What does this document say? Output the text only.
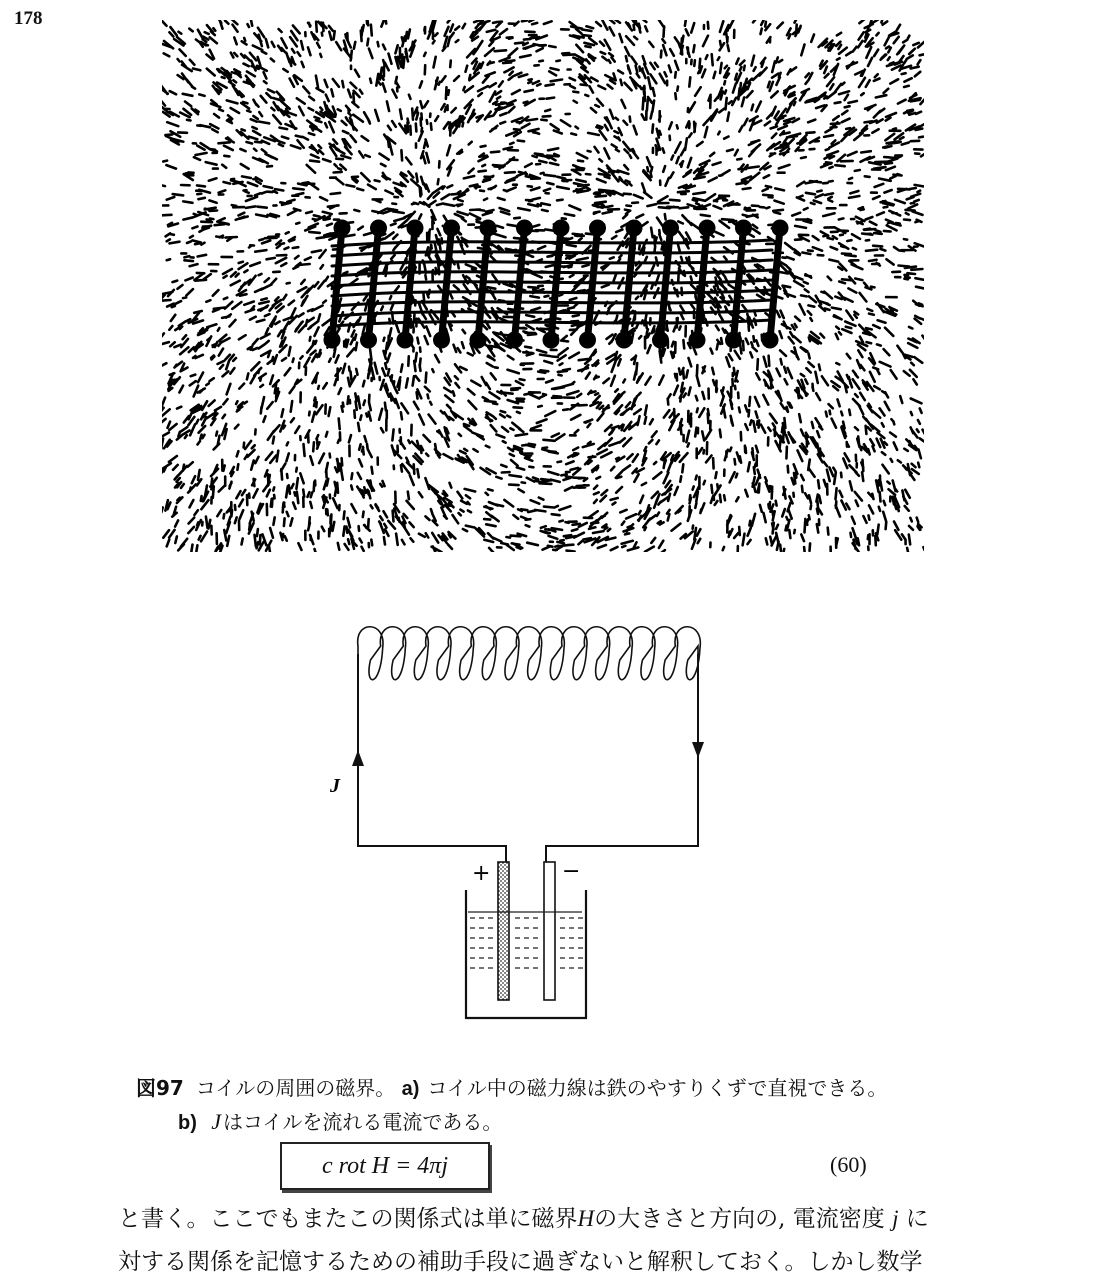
178
J
+	−
図97 コイルの周囲の磁界。 a) コイル中の磁力線は鉄のやすりくずで直視できる。
b) J はコイルを流れる電流である。
c rot H = 4πj	(60)
と書く。ここでもまたこの関係式は単に磁界Hの大きさと方向の, 電流密度 j に
対する関係を記憶するための補助手段に過ぎないと解釈しておく。しかし数学
